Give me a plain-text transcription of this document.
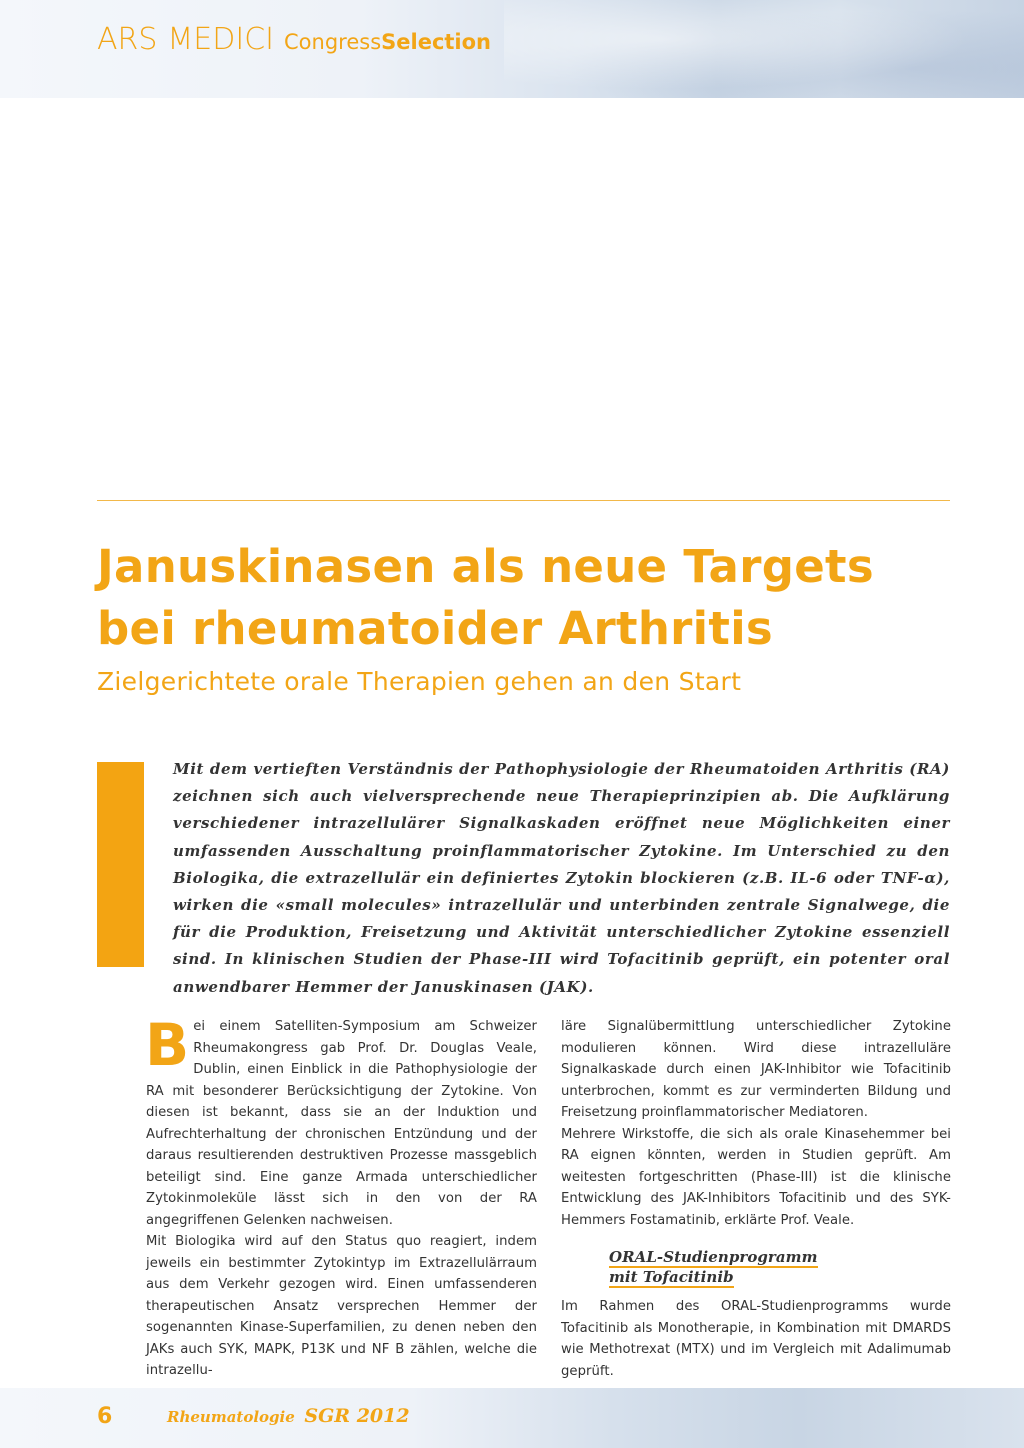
ARS MEDICI Congress Selection
Januskinasen als neue Targets bei rheumatoider Arthritis
Zielgerichtete orale Therapien gehen an den Start

Mit dem vertieften Verständnis der Pathophysiologie der Rheumatoiden Arthritis (RA) zeichnen sich auch vielversprechende neue Therapieprinzipien ab. Die Aufklärung verschiedener intrazellulärer Signalkaskaden eröffnet neue Möglichkeiten einer umfassenden Ausschaltung proinflammatorischer Zytokine. Im Unterschied zu den Biologika, die extrazellulär ein definiertes Zytokin blockieren (z.B. IL-6 oder TNF-α), wirken die «small molecules» intrazellulär und unterbinden zentrale Signalwege, die für die Produktion, Freisetzung und Aktivität unterschiedlicher Zytokine essenziell sind. In klinischen Studien der Phase-III wird Tofacitinib geprüft, ein potenter oral anwendbarer Hemmer der Januskinasen (JAK).

Bei einem Satelliten-Symposium am Schweizer Rheumakongress gab Prof. Dr. Douglas Veale, Dublin, einen Einblick in die Pathophysiologie der RA mit besonderer Berücksichtigung der Zytokine. Von diesen ist bekannt, dass sie an der Induktion und Aufrechterhaltung der chronischen Entzündung und der daraus resultierenden destruktiven Prozesse massgeblich beteiligt sind. Eine ganze Armada unterschiedlicher Zytokinmoleküle lässt sich in den von der RA angegriffenen Gelenken nachweisen.

Mit Biologika wird auf den Status quo reagiert, indem jeweils ein bestimmter Zytokintyp im Extrazellulärraum aus dem Verkehr gezogen wird. Einen umfassenderen therapeutischen Ansatz versprechen Hemmer der sogenannten Kinase-Superfamilien, zu denen neben den JAKs auch SYK, MAPK, P13K und NF B zählen, welche die intrazellu-

läre Signalübermittlung unterschiedlicher Zytokine modulieren können. Wird diese intrazelluläre Signalkaskade durch einen JAK-Inhibitor wie Tofacitinib unterbrochen, kommt es zur verminderten Bildung und Freisetzung proinflammatorischer Mediatoren.

Mehrere Wirkstoffe, die sich als orale Kinasehemmer bei RA eignen könnten, werden in Studien geprüft. Am weitesten fortgeschritten (Phase-III) ist die klinische Entwicklung des JAK-Inhibitors Tofacitinib und des SYK-Hemmers Fostamatinib, erklärte Prof. Veale.

ORAL-Studienprogramm mit Tofacitinib

Im Rahmen des ORAL-Studienprogramms wurde Tofacitinib als Monotherapie, in Kombination mit DMARDS wie Methotrexat (MTX) und im Vergleich mit Adalimumab geprüft.

6	Rheumatologie SGR 2012
